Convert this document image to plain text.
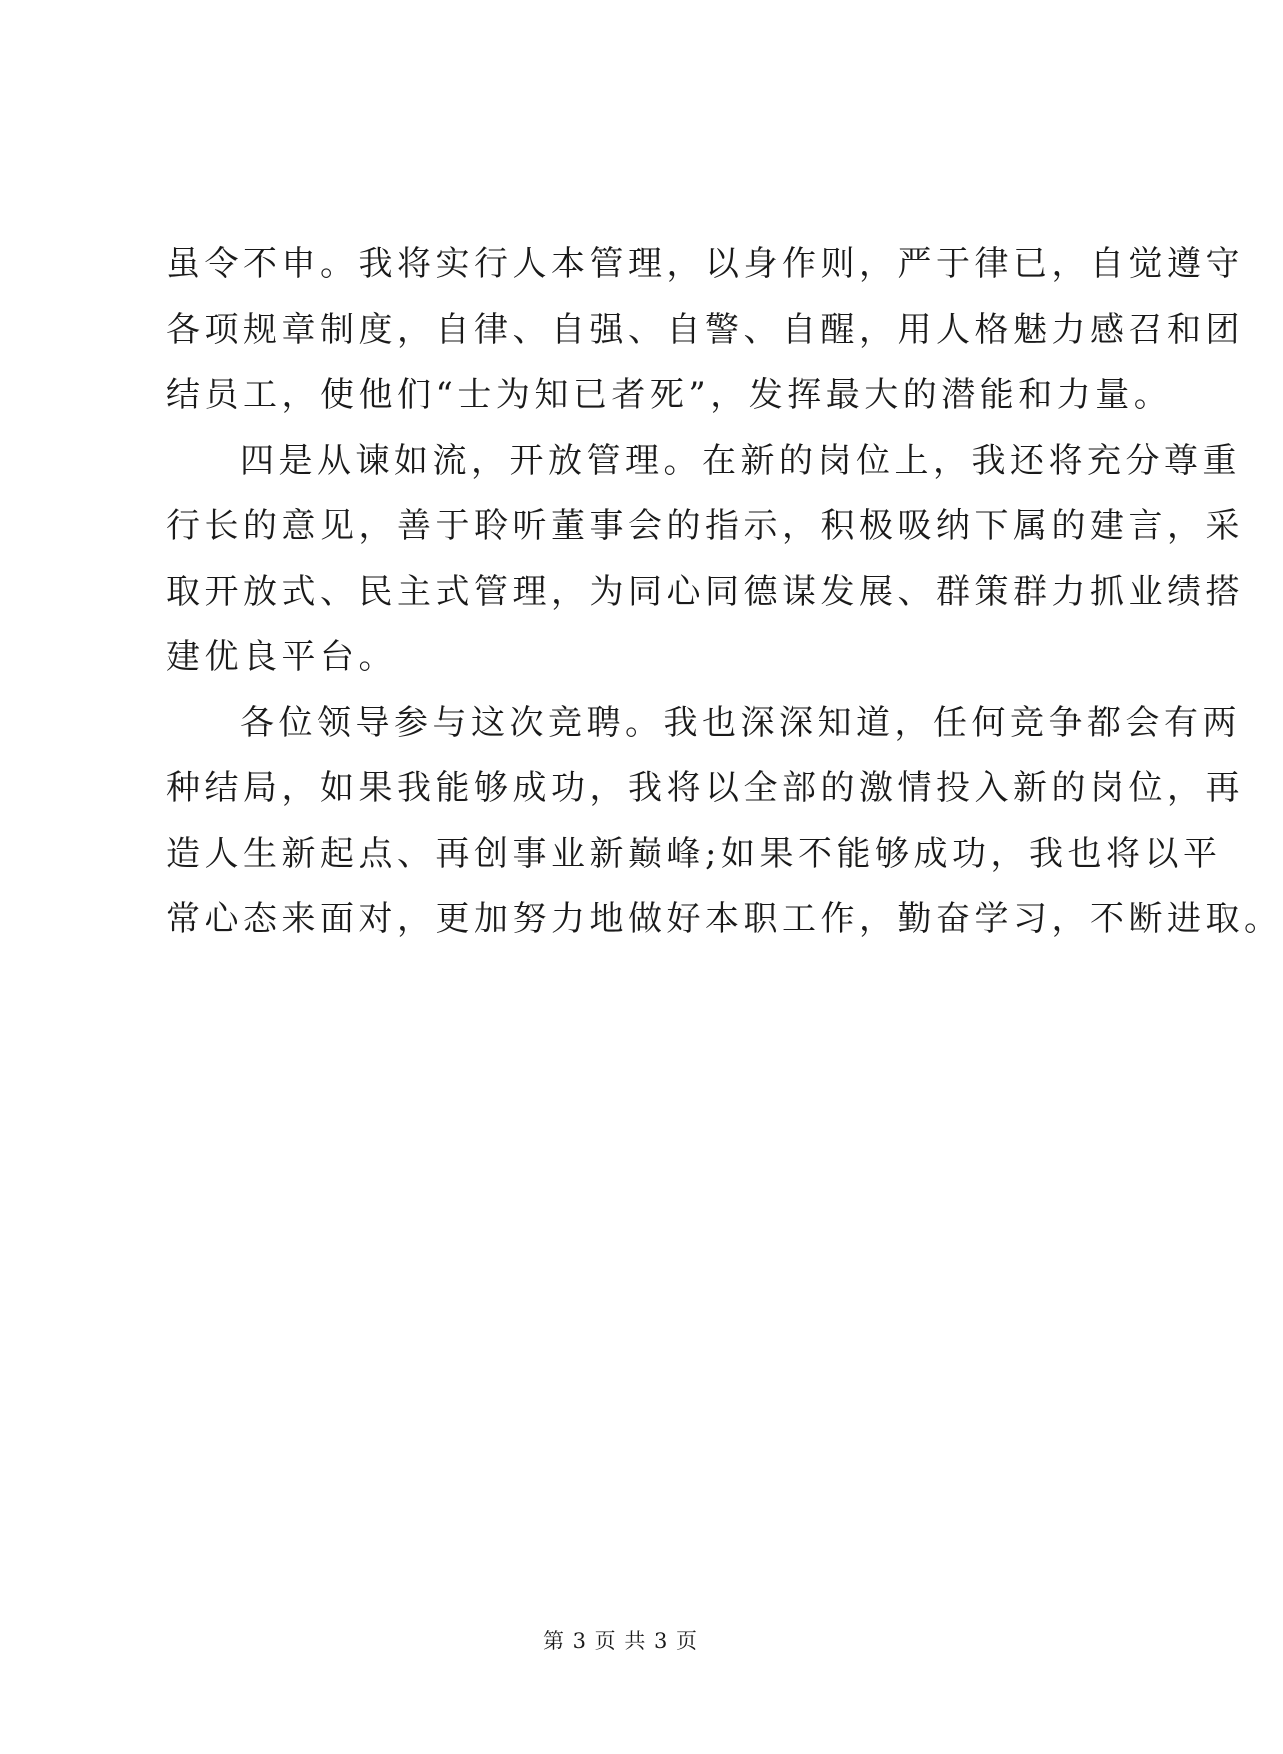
虽令不申。我将实行人本管理，以身作则，严于律已，自觉遵守
各项规章制度，自律、自强、自警、自醒，用人格魅力感召和团
结员工，使他们“士为知已者死”，发挥最大的潜能和力量。
四是从谏如流，开放管理。在新的岗位上，我还将充分尊重
行长的意见，善于聆听董事会的指示，积极吸纳下属的建言，采
取开放式、民主式管理，为同心同德谋发展、群策群力抓业绩搭
建优良平台。
各位领导参与这次竞聘。我也深深知道，任何竞争都会有两
种结局，如果我能够成功，我将以全部的激情投入新的岗位，再
造人生新起点、再创事业新巅峰;如果不能够成功，我也将以平
常心态来面对，更加努力地做好本职工作，勤奋学习，不断进取。
第 3 页 共 3 页
